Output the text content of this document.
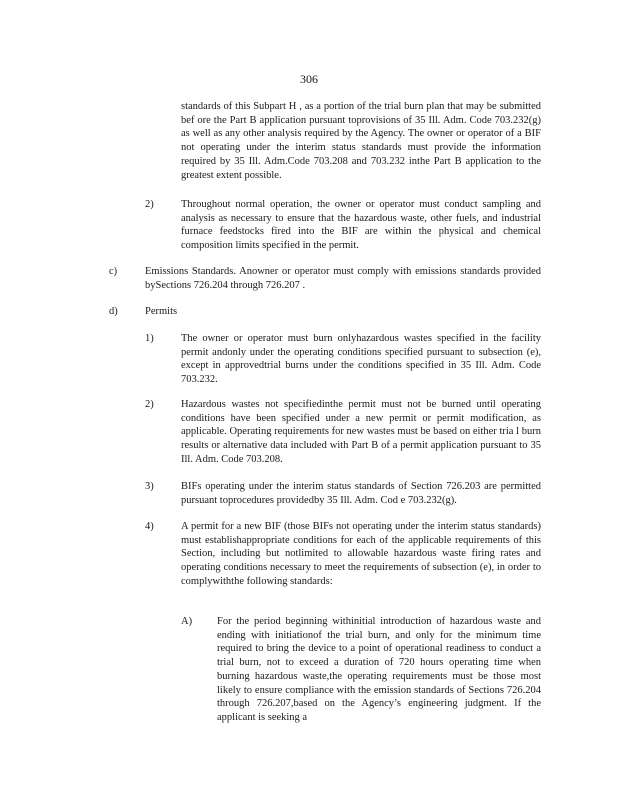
306
standards of this Subpart H , as a portion of the trial burn plan that may be submitted bef ore the Part B application pursuant toprovisions of 35 Ill. Adm. Code 703.232(g) as well as any other analysis required by the Agency. The owner or operator of a BIF not operating under the interim status standards must provide the information required by 35 Ill. Adm.Code 703.208 and 703.232 inthe Part B application to the greatest extent possible.
2)	Throughout normal operation, the owner or operator must conduct sampling and analysis as necessary to ensure that the hazardous waste, other fuels, and industrial furnace feedstocks fired into the BIF are within the physical and chemical composition limits specified in the permit.
c)	Emissions Standards. Anowner or operator must comply with emissions standards provided bySections 726.204 through 726.207 .
d)	Permits
1)	The owner or operator must burn onlyhazardous wastes specified in the facility permit andonly under the operating conditions specified pursuant to subsection (e), except in approvedtrial burns under the conditions specified in 35 Ill. Adm. Code 703.232.
2)	Hazardous wastes not specifiedinthe permit must not be burned until operating conditions have been specified under a new permit or permit modification, as applicable. Operating requirements for new wastes must be based on either tria l burn results or alternative data included with Part B of a permit application pursuant to 35 Ill. Adm. Code 703.208.
3)	BIFs operating under the interim status standards of Section 726.203 are permitted pursuant toprocedures providedby 35 Ill. Adm. Cod e 703.232(g).
4)	A permit for a new BIF (those BIFs not operating under the interim status standards) must establishappropriate conditions for each of the applicable requirements of this Section, including but notlimited to allowable hazardous waste firing rates and operating conditions necessary to meet the requirements of subsection (e), in order to complywiththe following standards:
A) For the period beginning withinitial introduction of hazardous waste and ending with initiationof the trial burn, and only for the minimum time required to bring the device to a point of operational readiness to conduct a trial burn, not to exceed a duration of 720 hours operating time when burning hazardous waste,the operating requirements must be those most likely to ensure compliance with the emission standards of Sections 726.204 through 726.207,based on the Agency’s engineering judgment. If the applicant is seeking a
